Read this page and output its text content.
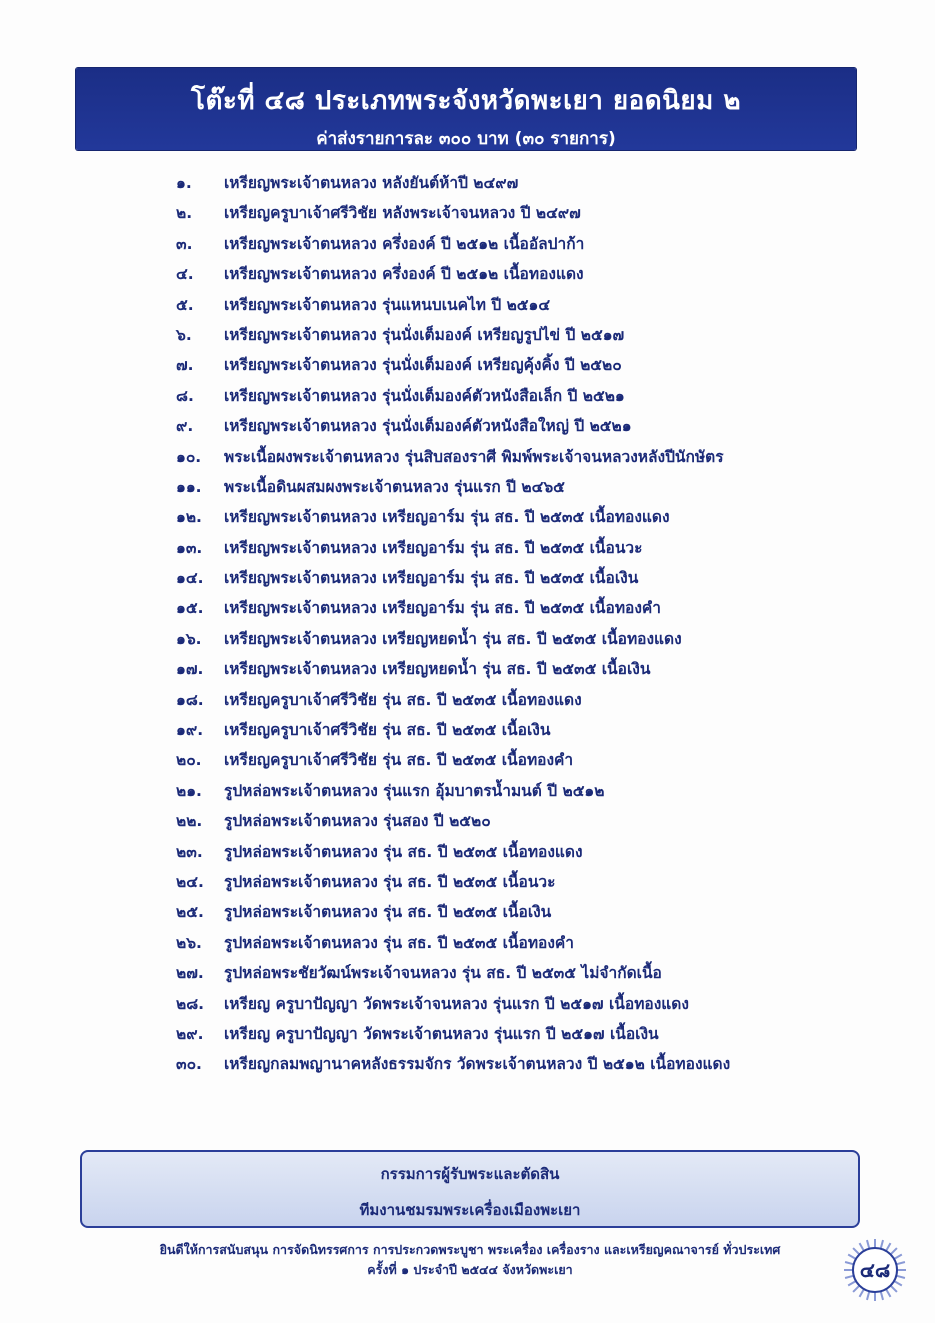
โต๊ะที่ ๔๘ ประเภทพระจังหวัดพะเยา ยอดนิยม ๒
ค่าส่งรายการละ ๓๐๐ บาท (๓๐ รายการ)
๑. เหรียญพระเจ้าตนหลวง หลังยันต์ห้าปี ๒๔๙๗
๒. เหรียญครูบาเจ้าศรีวิชัย หลังพระเจ้าจนหลวง ปี ๒๔๙๗
๓. เหรียญพระเจ้าตนหลวง ครึ่งองค์ ปี ๒๕๑๒ เนื้ออัลปาก้า
๔. เหรียญพระเจ้าตนหลวง ครึ่งองค์ ปี ๒๕๑๒ เนื้อทองแดง
๕. เหรียญพระเจ้าตนหลวง รุ่นแหนบเนคไท ปี ๒๕๑๔
๖. เหรียญพระเจ้าตนหลวง รุ่นนั่งเต็มองค์ เหรียญรูปไข่ ปี ๒๕๑๗
๗. เหรียญพระเจ้าตนหลวง รุ่นนั่งเต็มองค์ เหรียญคุ้งคิ้ง ปี ๒๕๒๐
๘. เหรียญพระเจ้าตนหลวง รุ่นนั่งเต็มองค์ตัวหนังสือเล็ก ปี ๒๕๒๑
๙. เหรียญพระเจ้าตนหลวง รุ่นนั่งเต็มองค์ตัวหนังสือใหญ่ ปี ๒๕๒๑
๑๐. พระเนื้อผงพระเจ้าตนหลวง รุ่นสิบสองราศี พิมพ์พระเจ้าจนหลวงหลังปีนักษัตร
๑๑. พระเนื้อดินผสมผงพระเจ้าตนหลวง รุ่นแรก ปี ๒๔๖๕
๑๒. เหรียญพระเจ้าตนหลวง เหรียญอาร์ม รุ่น สธ. ปี ๒๕๓๕ เนื้อทองแดง
๑๓. เหรียญพระเจ้าตนหลวง เหรียญอาร์ม รุ่น สธ. ปี ๒๕๓๕ เนื้อนวะ
๑๔. เหรียญพระเจ้าตนหลวง เหรียญอาร์ม รุ่น สธ. ปี ๒๕๓๕ เนื้อเงิน
๑๕. เหรียญพระเจ้าตนหลวง เหรียญอาร์ม รุ่น สธ. ปี ๒๕๓๕ เนื้อทองคำ
๑๖. เหรียญพระเจ้าตนหลวง เหรียญหยดน้ำ รุ่น สธ. ปี ๒๕๓๕ เนื้อทองแดง
๑๗. เหรียญพระเจ้าตนหลวง เหรียญหยดน้ำ รุ่น สธ. ปี ๒๕๓๕ เนื้อเงิน
๑๘. เหรียญครูบาเจ้าศรีวิชัย รุ่น สธ. ปี ๒๕๓๕ เนื้อทองแดง
๑๙. เหรียญครูบาเจ้าศรีวิชัย รุ่น สธ. ปี ๒๕๓๕ เนื้อเงิน
๒๐. เหรียญครูบาเจ้าศรีวิชัย รุ่น สธ. ปี ๒๕๓๕ เนื้อทองคำ
๒๑. รูปหล่อพระเจ้าตนหลวง รุ่นแรก อุ้มบาตรน้ำมนต์ ปี ๒๕๑๒
๒๒. รูปหล่อพระเจ้าตนหลวง รุ่นสอง ปี ๒๕๒๐
๒๓. รูปหล่อพระเจ้าตนหลวง รุ่น สธ. ปี ๒๕๓๕ เนื้อทองแดง
๒๔. รูปหล่อพระเจ้าตนหลวง รุ่น สธ. ปี ๒๕๓๕ เนื้อนวะ
๒๕. รูปหล่อพระเจ้าตนหลวง รุ่น สธ. ปี ๒๕๓๕ เนื้อเงิน
๒๖. รูปหล่อพระเจ้าตนหลวง รุ่น สธ. ปี ๒๕๓๕ เนื้อทองคำ
๒๗. รูปหล่อพระชัยวัฒน์พระเจ้าจนหลวง รุ่น สธ. ปี ๒๕๓๕ ไม่จำกัดเนื้อ
๒๘. เหรียญ ครูบาปัญญา วัดพระเจ้าจนหลวง รุ่นแรก ปี ๒๕๑๗ เนื้อทองแดง
๒๙. เหรียญ ครูบาปัญญา วัดพระเจ้าตนหลวง รุ่นแรก ปี ๒๕๑๗ เนื้อเงิน
๓๐. เหรียญกลมพญานาคหลังธรรมจักร วัดพระเจ้าตนหลวง ปี ๒๕๑๒ เนื้อทองแดง
กรรมการผู้รับพระและตัดสิน
ทีมงานชมรมพระเครื่องเมืองพะเยา
ยินดีให้การสนับสนุน การจัดนิทรรศการ การประกวดพระบูชา พระเครื่อง เครื่องราง และเหรียญคณาจารย์ ทั่วประเทศ
ครั้งที่ ๑ ประจำปี ๒๕๔๔ จังหวัดพะเยา	๔๘
